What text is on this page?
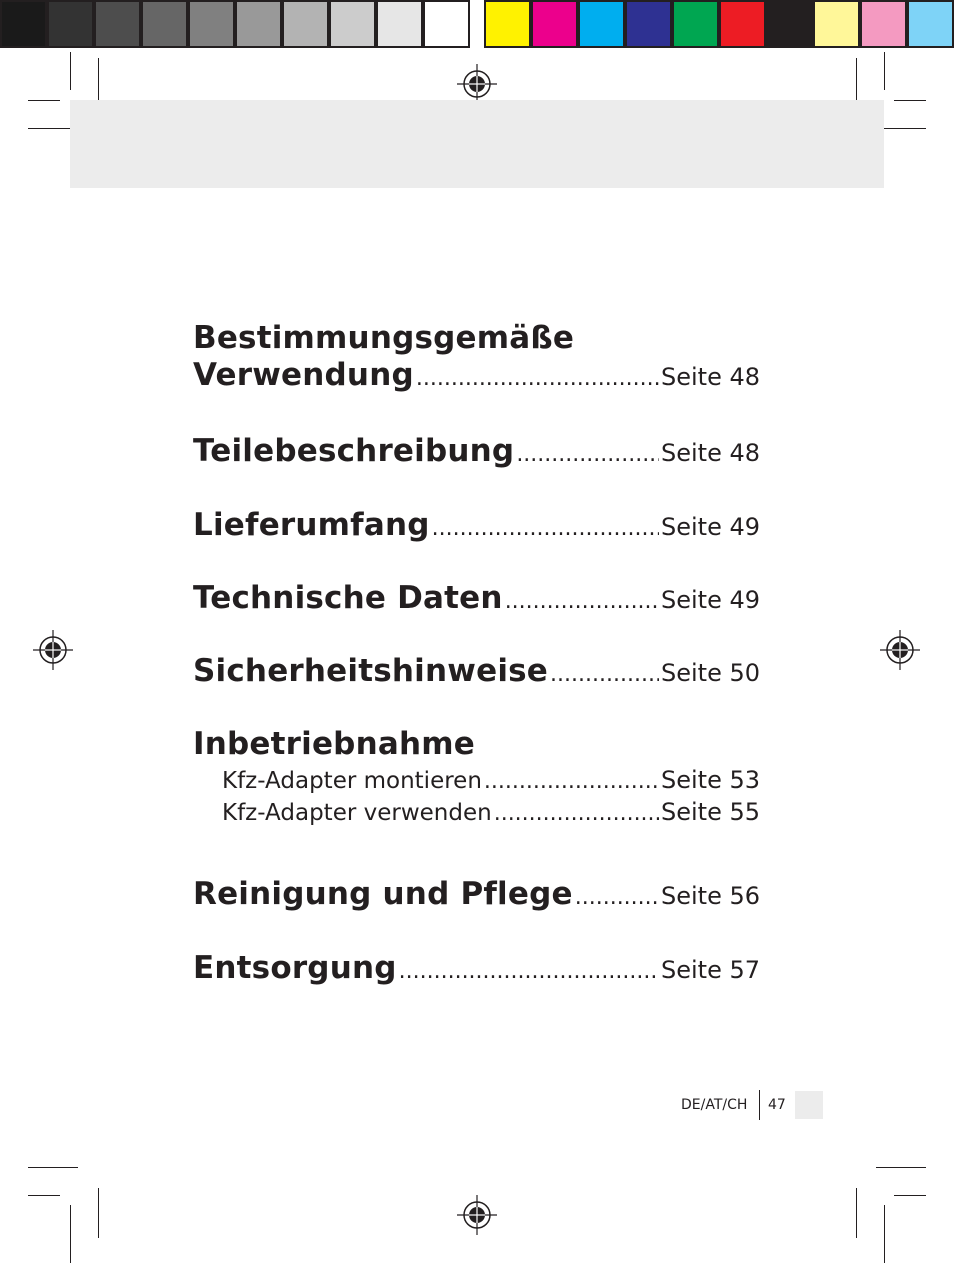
Bestimmungsgemäße
Verwendung .....	Seite 48
Teilebeschreibung .....	Seite 48
Lieferumfang .....	Seite 49
Technische Daten .....	Seite 49
Sicherheitshinweise .....	Seite 50
Inbetriebnahme
Kfz-Adapter montieren .....	Seite 53
Kfz-Adapter verwenden .....	Seite 55
Reinigung und Pflege .....	Seite 56
Entsorgung .....	Seite 57
DE/AT/CH 47
